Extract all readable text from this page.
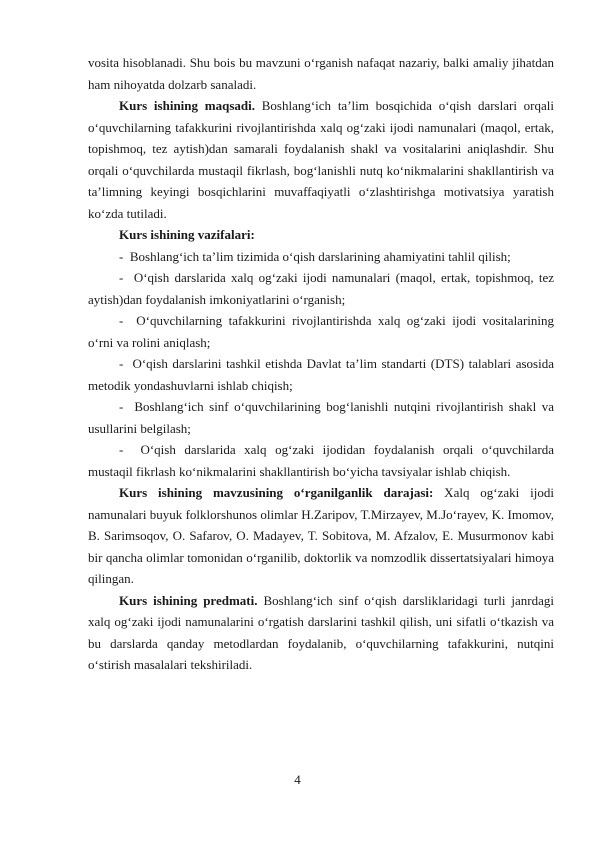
vosita hisoblanadi. Shu bois bu mavzuni o‘rganish nafaqat nazariy, balki amaliy jihatdan ham nihoyatda dolzarb sanaladi.

Kurs ishining maqsadi. Boshlang‘ich ta’lim bosqichida o‘qish darslari orqali o‘quvchilarning tafakkurini rivojlantirishda xalq og‘zaki ijodi namunalari (maqol, ertak, topishmoq, tez aytish)dan samarali foydalanish shakl va vositalarini aniqlashdir. Shu orqali o‘quvchilarda mustaqil fikrlash, bog‘lanishli nutq ko‘nikmalarini shakllantirish va ta’limning keyingi bosqichlarini muvaffaqiyatli o‘zlashtirishga motivatsiya yaratish ko‘zda tutiladi.

Kurs ishining vazifalari:

- Boshlang‘ich ta’lim tizimida o‘qish darslarining ahamiyatini tahlil qilish;

- O‘qish darslarida xalq og‘zaki ijodi namunalari (maqol, ertak, topishmoq, tez aytish)dan foydalanish imkoniyatlarini o‘rganish;

- O‘quvchilarning tafakkurini rivojlantirishda xalq og‘zaki ijodi vositalarining o‘rni va rolini aniqlash;

- O‘qish darslarini tashkil etishda Davlat ta’lim standarti (DTS) talablari asosida metodik yondashuvlarni ishlab chiqish;

- Boshlang‘ich sinf o‘quvchilarining bog‘lanishli nutqini rivojlantirish shakl va usullarini belgilash;

- O‘qish darslarida xalq og‘zaki ijodidan foydalanish orqali o‘quvchilarda mustaqil fikrlash ko‘nikmalarini shakllantirish bo‘yicha tavsiyalar ishlab chiqish.

Kurs ishining mavzusining o‘rganilganlik darajasi: Xalq og‘zaki ijodi namunalari buyuk folklorshunos olimlar H.Zaripov, T.Mirzayev, M.Jo‘rayev, K. Imomov, B. Sarimsoqov, O. Safarov, O. Madayev, T. Sobitova, M. Afzalov, E. Musurmonov kabi bir qancha olimlar tomonidan o‘rganilib, doktorlik va nomzodlik dissertatsiyalari himoya qilingan.

Kurs ishining predmati. Boshlang‘ich sinf o‘qish darsliklaridagi turli janrdagi xalq og‘zaki ijodi namunalarini o‘rgatish darslarini tashkil qilish, uni sifatli o‘tkazish va bu darslarda qanday metodlardan foydalanib, o‘quvchilarning tafakkurini, nutqini o‘stirish masalalari tekshiriladi.

4
